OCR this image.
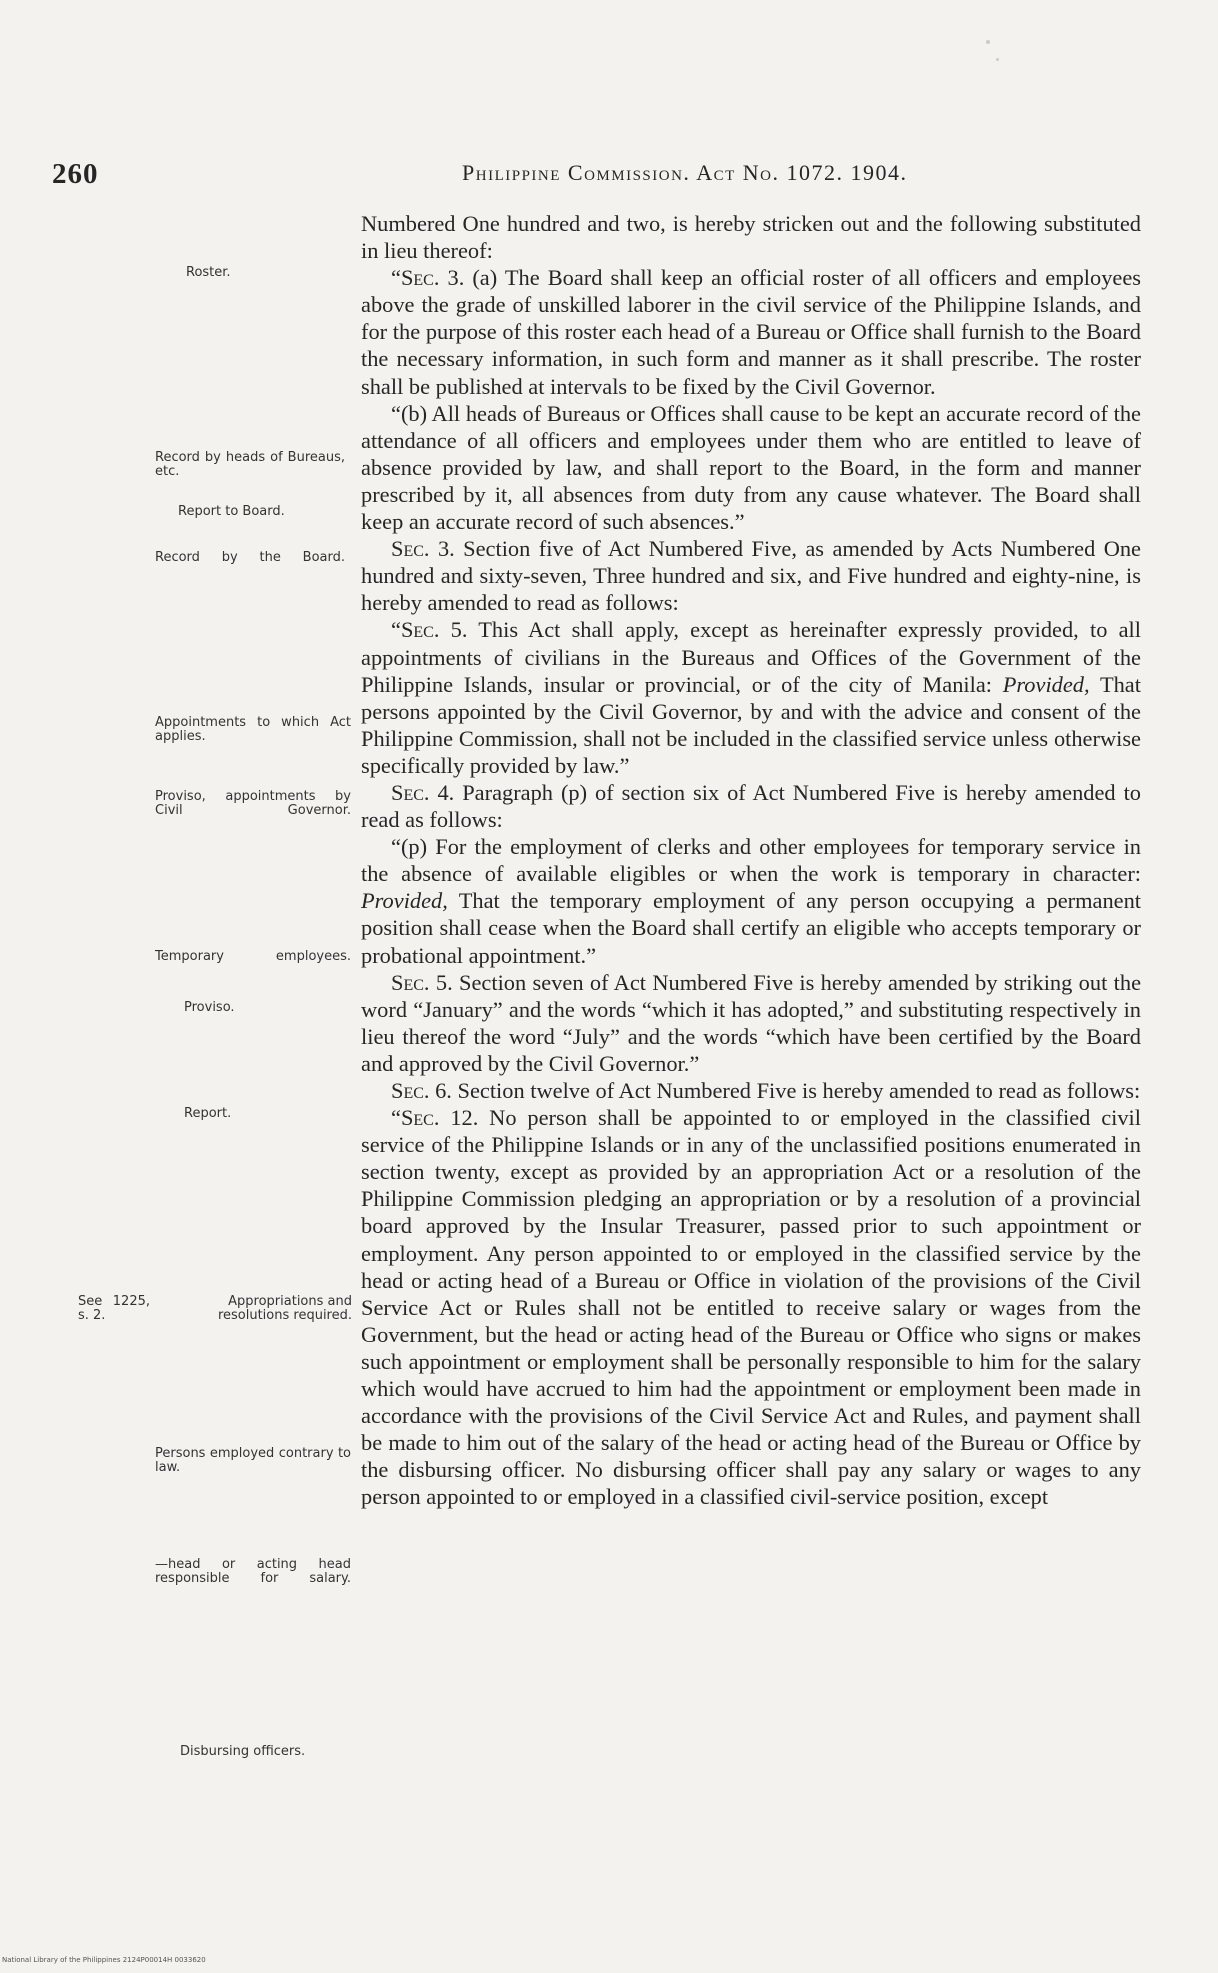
260	Philippine Commission. Act No. 1072. 1904.
Roster.
Record by heads of Bureaus, etc.
Report to Board.
Record by the Board.
Appointments to which Act applies.
Proviso, appointments by Civil Governor.
Temporary employees.
Proviso.
Report.
See 1225, s. 2.
Appropriations and resolutions required.
Persons employed contrary to law.
—head or acting head responsible for salary.
Disbursing officers.

Numbered One hundred and two, is hereby stricken out and the following substituted in lieu thereof:

“Sec. 3. (a) The Board shall keep an official roster of all officers and employees above the grade of unskilled laborer in the civil service of the Philippine Islands, and for the purpose of this roster each head of a Bureau or Office shall furnish to the Board the necessary information, in such form and manner as it shall prescribe. The roster shall be published at intervals to be fixed by the Civil Governor.

“(b) All heads of Bureaus or Offices shall cause to be kept an accurate record of the attendance of all officers and employees under them who are entitled to leave of absence provided by law, and shall report to the Board, in the form and manner prescribed by it, all absences from duty from any cause whatever. The Board shall keep an accurate record of such absences.”

Sec. 3. Section five of Act Numbered Five, as amended by Acts Numbered One hundred and sixty-seven, Three hundred and six, and Five hundred and eighty-nine, is hereby amended to read as follows:

“Sec. 5. This Act shall apply, except as hereinafter expressly provided, to all appointments of civilians in the Bureaus and Offices of the Government of the Philippine Islands, insular or provincial, or of the city of Manila: Provided, That persons appointed by the Civil Governor, by and with the advice and consent of the Philippine Commission, shall not be included in the classified service unless otherwise specifically provided by law.”

Sec. 4. Paragraph (p) of section six of Act Numbered Five is hereby amended to read as follows:

“(p) For the employment of clerks and other employees for temporary service in the absence of available eligibles or when the work is temporary in character: Provided, That the temporary employment of any person occupying a permanent position shall cease when the Board shall certify an eligible who accepts temporary or probational appointment.”

Sec. 5. Section seven of Act Numbered Five is hereby amended by striking out the word “January” and the words “which it has adopted,” and substituting respectively in lieu thereof the word “July” and the words “which have been certified by the Board and approved by the Civil Governor.”

Sec. 6. Section twelve of Act Numbered Five is hereby amended to read as follows:

“Sec. 12. No person shall be appointed to or employed in the classified civil service of the Philippine Islands or in any of the unclassified positions enumerated in section twenty, except as provided by an appropriation Act or a resolution of the Philippine Commission pledging an appropriation or by a resolution of a provincial board approved by the Insular Treasurer, passed prior to such appointment or employment. Any person appointed to or employed in the classified service by the head or acting head of a Bureau or Office in violation of the provisions of the Civil Service Act or Rules shall not be entitled to receive salary or wages from the Government, but the head or acting head of the Bureau or Office who signs or makes such appointment or employment shall be personally responsible to him for the salary which would have accrued to him had the appointment or employment been made in accordance with the provisions of the Civil Service Act and Rules, and payment shall be made to him out of the salary of the head or acting head of the Bureau or Office by the disbursing officer. No disbursing officer shall pay any salary or wages to any person appointed to or employed in a classified civil-service position, except

National Library of the Philippines 2124P00014H 0033620
